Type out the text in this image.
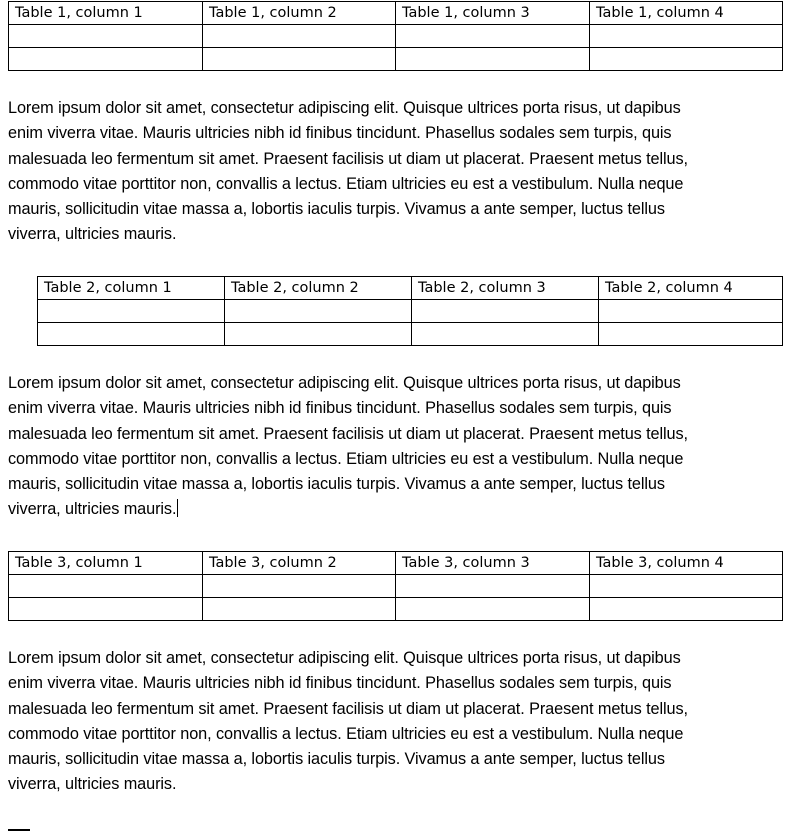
Table 1, column 1	Table 1, column 2	Table 1, column 3	Table 1, column 4

Lorem ipsum dolor sit amet, consectetur adipiscing elit. Quisque ultrices porta risus, ut dapibus
enim viverra vitae. Mauris ultricies nibh id finibus tincidunt. Phasellus sodales sem turpis, quis
malesuada leo fermentum sit amet. Praesent facilisis ut diam ut placerat. Praesent metus tellus,
commodo vitae porttitor non, convallis a lectus. Etiam ultricies eu est a vestibulum. Nulla neque
mauris, sollicitudin vitae massa a, lobortis iaculis turpis. Vivamus a ante semper, luctus tellus
viverra, ultricies mauris.

Table 2, column 1	Table 2, column 2	Table 2, column 3	Table 2, column 4

Lorem ipsum dolor sit amet, consectetur adipiscing elit. Quisque ultrices porta risus, ut dapibus
enim viverra vitae. Mauris ultricies nibh id finibus tincidunt. Phasellus sodales sem turpis, quis
malesuada leo fermentum sit amet. Praesent facilisis ut diam ut placerat. Praesent metus tellus,
commodo vitae porttitor non, convallis a lectus. Etiam ultricies eu est a vestibulum. Nulla neque
mauris, sollicitudin vitae massa a, lobortis iaculis turpis. Vivamus a ante semper, luctus tellus
viverra, ultricies mauris.

Table 3, column 1	Table 3, column 2	Table 3, column 3	Table 3, column 4

Lorem ipsum dolor sit amet, consectetur adipiscing elit. Quisque ultrices porta risus, ut dapibus
enim viverra vitae. Mauris ultricies nibh id finibus tincidunt. Phasellus sodales sem turpis, quis
malesuada leo fermentum sit amet. Praesent facilisis ut diam ut placerat. Praesent metus tellus,
commodo vitae porttitor non, convallis a lectus. Etiam ultricies eu est a vestibulum. Nulla neque
mauris, sollicitudin vitae massa a, lobortis iaculis turpis. Vivamus a ante semper, luctus tellus
viverra, ultricies mauris.
